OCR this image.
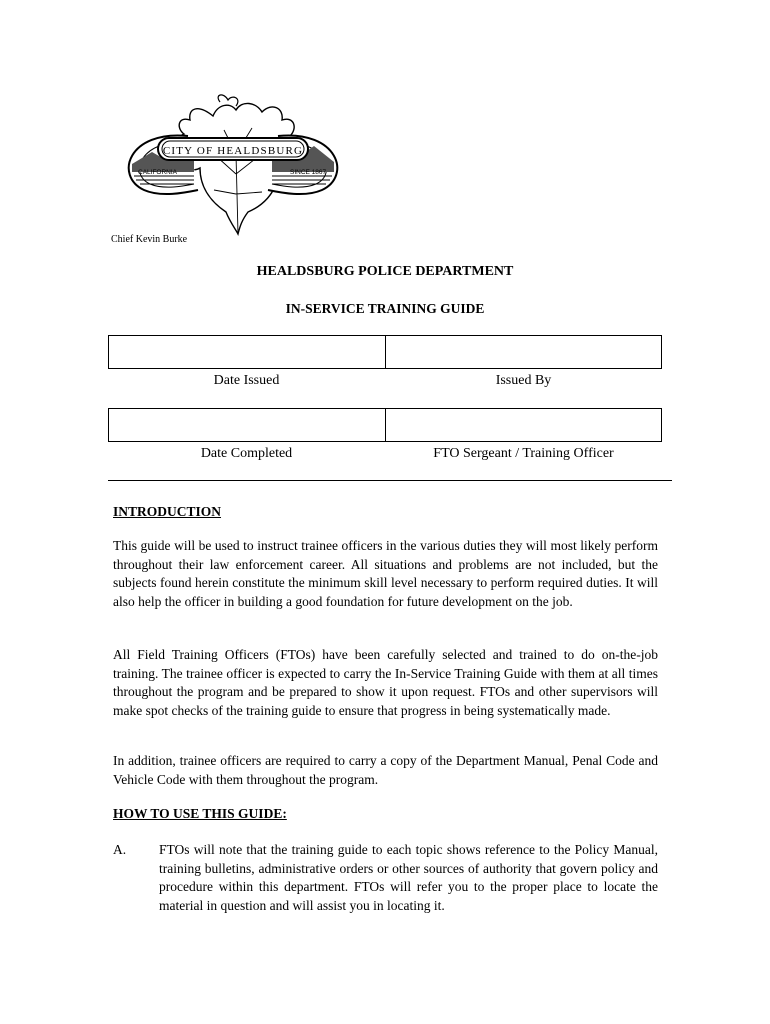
CITY OF HEALDSBURG
CALIFORNIA	SINCE 1867
Chief Kevin Burke
HEALDSBURG POLICE DEPARTMENT
IN-SERVICE TRAINING GUIDE
Date Issued	Issued By
Date Completed	FTO Sergeant / Training Officer
INTRODUCTION
This guide will be used to instruct trainee officers in the various duties they will most likely perform throughout their law enforcement career. All situations and problems are not included, but the subjects found herein constitute the minimum skill level necessary to perform required duties. It will also help the officer in building a good foundation for future development on the job.
All Field Training Officers (FTOs) have been carefully selected and trained to do on-the-job training. The trainee officer is expected to carry the In-Service Training Guide with them at all times throughout the program and be prepared to show it upon request. FTOs and other supervisors will make spot checks of the training guide to ensure that progress in being systematically made.
In addition, trainee officers are required to carry a copy of the Department Manual, Penal Code and Vehicle Code with them throughout the program.
HOW TO USE THIS GUIDE:
A.	FTOs will note that the training guide to each topic shows reference to the Policy Manual, training bulletins, administrative orders or other sources of authority that govern policy and procedure within this department. FTOs will refer you to the proper place to locate the material in question and will assist you in locating it.
